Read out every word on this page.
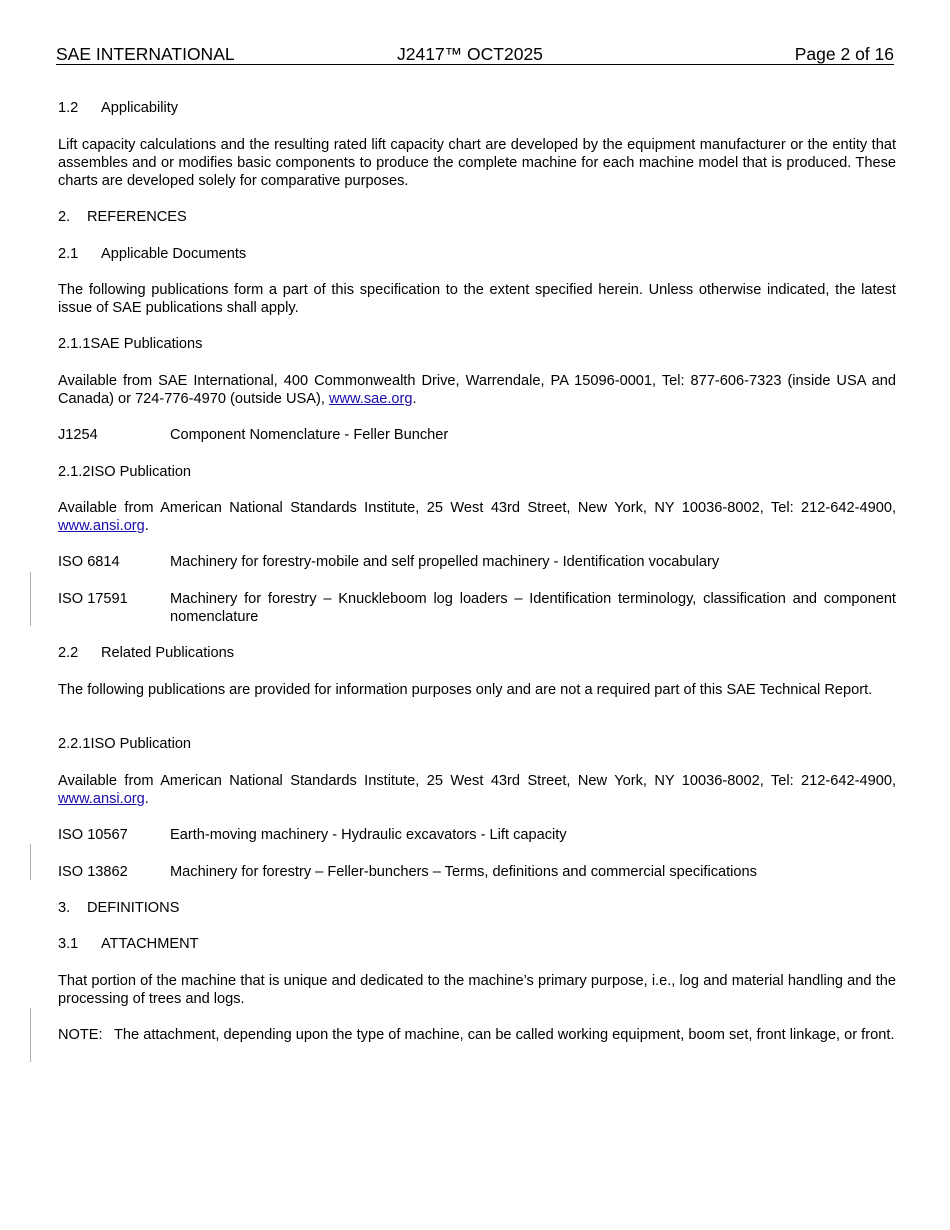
SAE INTERNATIONAL	J2417™ OCT2025	Page 2 of 16
1.2 Applicability
Lift capacity calculations and the resulting rated lift capacity chart are developed by the equipment manufacturer or the entity that assembles and or modifies basic components to produce the complete machine for each machine model that is produced. These charts are developed solely for comparative purposes.
2. REFERENCES
2.1 Applicable Documents
The following publications form a part of this specification to the extent specified herein. Unless otherwise indicated, the latest issue of SAE publications shall apply.
2.1.1SAE Publications
Available from SAE International, 400 Commonwealth Drive, Warrendale, PA 15096-0001, Tel: 877-606-7323 (inside USA and Canada) or 724-776-4970 (outside USA), www.sae.org.
J1254	Component Nomenclature - Feller Buncher
2.1.2ISO Publication
Available from American National Standards Institute, 25 West 43rd Street, New York, NY 10036-8002, Tel: 212-642-4900, www.ansi.org.
ISO 6814	Machinery for forestry-mobile and self propelled machinery - Identification vocabulary
ISO 17591	Machinery for forestry – Knuckleboom log loaders – Identification terminology, classification and component nomenclature
2.2 Related Publications
The following publications are provided for information purposes only and are not a required part of this SAE Technical Report.
2.2.1ISO Publication
Available from American National Standards Institute, 25 West 43rd Street, New York, NY 10036-8002, Tel: 212-642-4900, www.ansi.org.
ISO 10567	Earth-moving machinery - Hydraulic excavators - Lift capacity
ISO 13862	Machinery for forestry – Feller-bunchers – Terms, definitions and commercial specifications
3. DEFINITIONS
3.1 ATTACHMENT
That portion of the machine that is unique and dedicated to the machine’s primary purpose, i.e., log and material handling and the processing of trees and logs.
NOTE: The attachment, depending upon the type of machine, can be called working equipment, boom set, front linkage, or front.
